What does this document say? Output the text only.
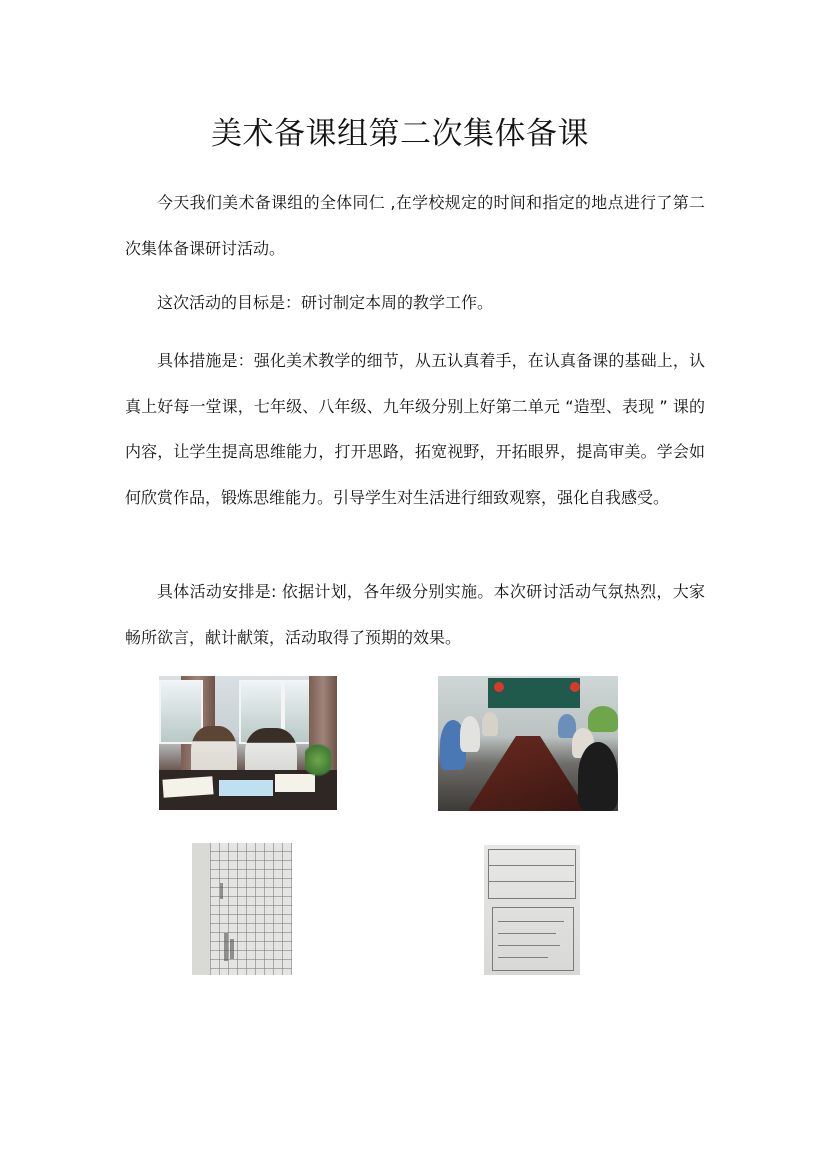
美术备课组第二次集体备课

今天我们美术备课组的全体同仁 ,在学校规定的时间和指定的地点进行了第二次集体备课研讨活动。

这次活动的目标是：研讨制定本周的教学工作。

具体措施是：强化美术教学的细节，从五认真着手，在认真备课的基础上，认真上好每一堂课，七年级、八年级、九年级分别上好第二单元 “造型、表现 ” 课的内容，让学生提高思维能力，打开思路，拓宽视野，开拓眼界，提高审美。学会如何欣赏作品，锻炼思维能力。引导学生对生活进行细致观察，强化自我感受。

具体活动安排是: 依据计划，各年级分别实施。本次研讨活动气氛热烈，大家畅所欲言，献计献策，活动取得了预期的效果。
